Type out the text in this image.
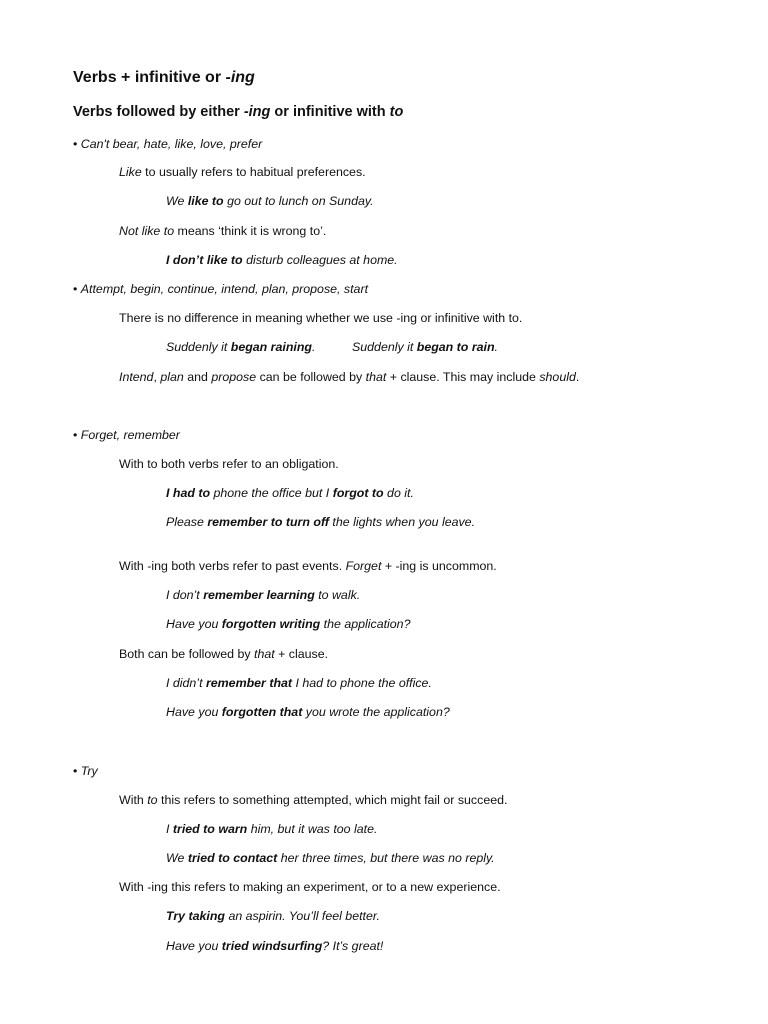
Verbs + infinitive or -ing
Verbs followed by either -ing or infinitive with to
• Can't bear, hate, like, love, prefer
Like to usually refers to habitual preferences.
We like to go out to lunch on Sunday.
Not like to means ‘think it is wrong to’.
I don’t like to disturb colleagues at home.
• Attempt, begin, continue, intend, plan, propose, start
There is no difference in meaning whether we use -ing or infinitive with to.
Suddenly it began raining.	Suddenly it began to rain.
Intend, plan and propose can be followed by that + clause. This may include should.
• Forget, remember
With to both verbs refer to an obligation.
I had to phone the office but I forgot to do it.
Please remember to turn off the lights when you leave.
With -ing both verbs refer to past events. Forget + -ing is uncommon.
I don’t remember learning to walk.
Have you forgotten writing the application?
Both can be followed by that + clause.
I didn’t remember that I had to phone the office.
Have you forgotten that you wrote the application?
• Try
With to this refers to something attempted, which might fail or succeed.
I tried to warn him, but it was too late.
We tried to contact her three times, but there was no reply.
With -ing this refers to making an experiment, or to a new experience.
Try taking an aspirin. You’ll feel better.
Have you tried windsurfing? It’s great!
